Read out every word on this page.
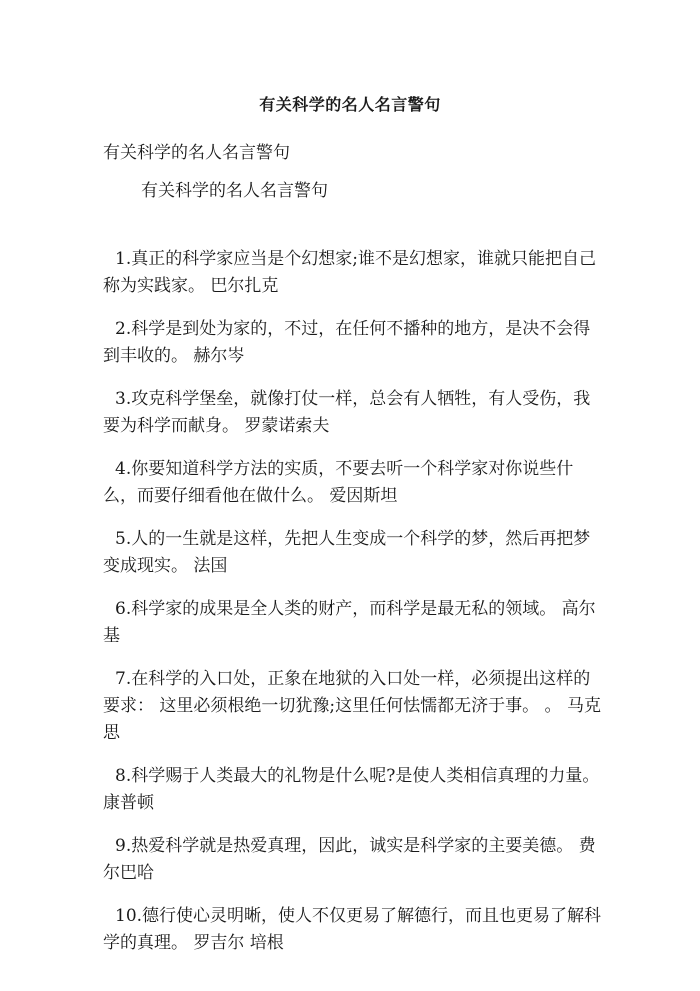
有关科学的名人名言警句
有关科学的名人名言警句
有关科学的名人名言警句

1.真正的科学家应当是个幻想家;谁不是幻想家，谁就只能把自己称为实践家。 巴尔扎克

2.科学是到处为家的，不过，在任何不播种的地方，是决不会得到丰收的。 赫尔岑

3.攻克科学堡垒，就像打仗一样，总会有人牺牲，有人受伤，我要为科学而献身。 罗蒙诺索夫

4.你要知道科学方法的实质，不要去听一个科学家对你说些什么，而要仔细看他在做什么。 爱因斯坦

5.人的一生就是这样，先把人生变成一个科学的梦，然后再把梦变成现实。 法国

6.科学家的成果是全人类的财产，而科学是最无私的领域。 高尔基

7.在科学的入口处，正象在地狱的入口处一样，必须提出这样的要求： 这里必须根绝一切犹豫;这里任何怯懦都无济于事。 。 马克思

8.科学赐于人类最大的礼物是什么呢?是使人类相信真理的力量。 康普顿

9.热爱科学就是热爱真理，因此，诚实是科学家的主要美德。 费尔巴哈

10.德行使心灵明晰，使人不仅更易了解德行，而且也更易了解科学的真理。 罗吉尔 培根
